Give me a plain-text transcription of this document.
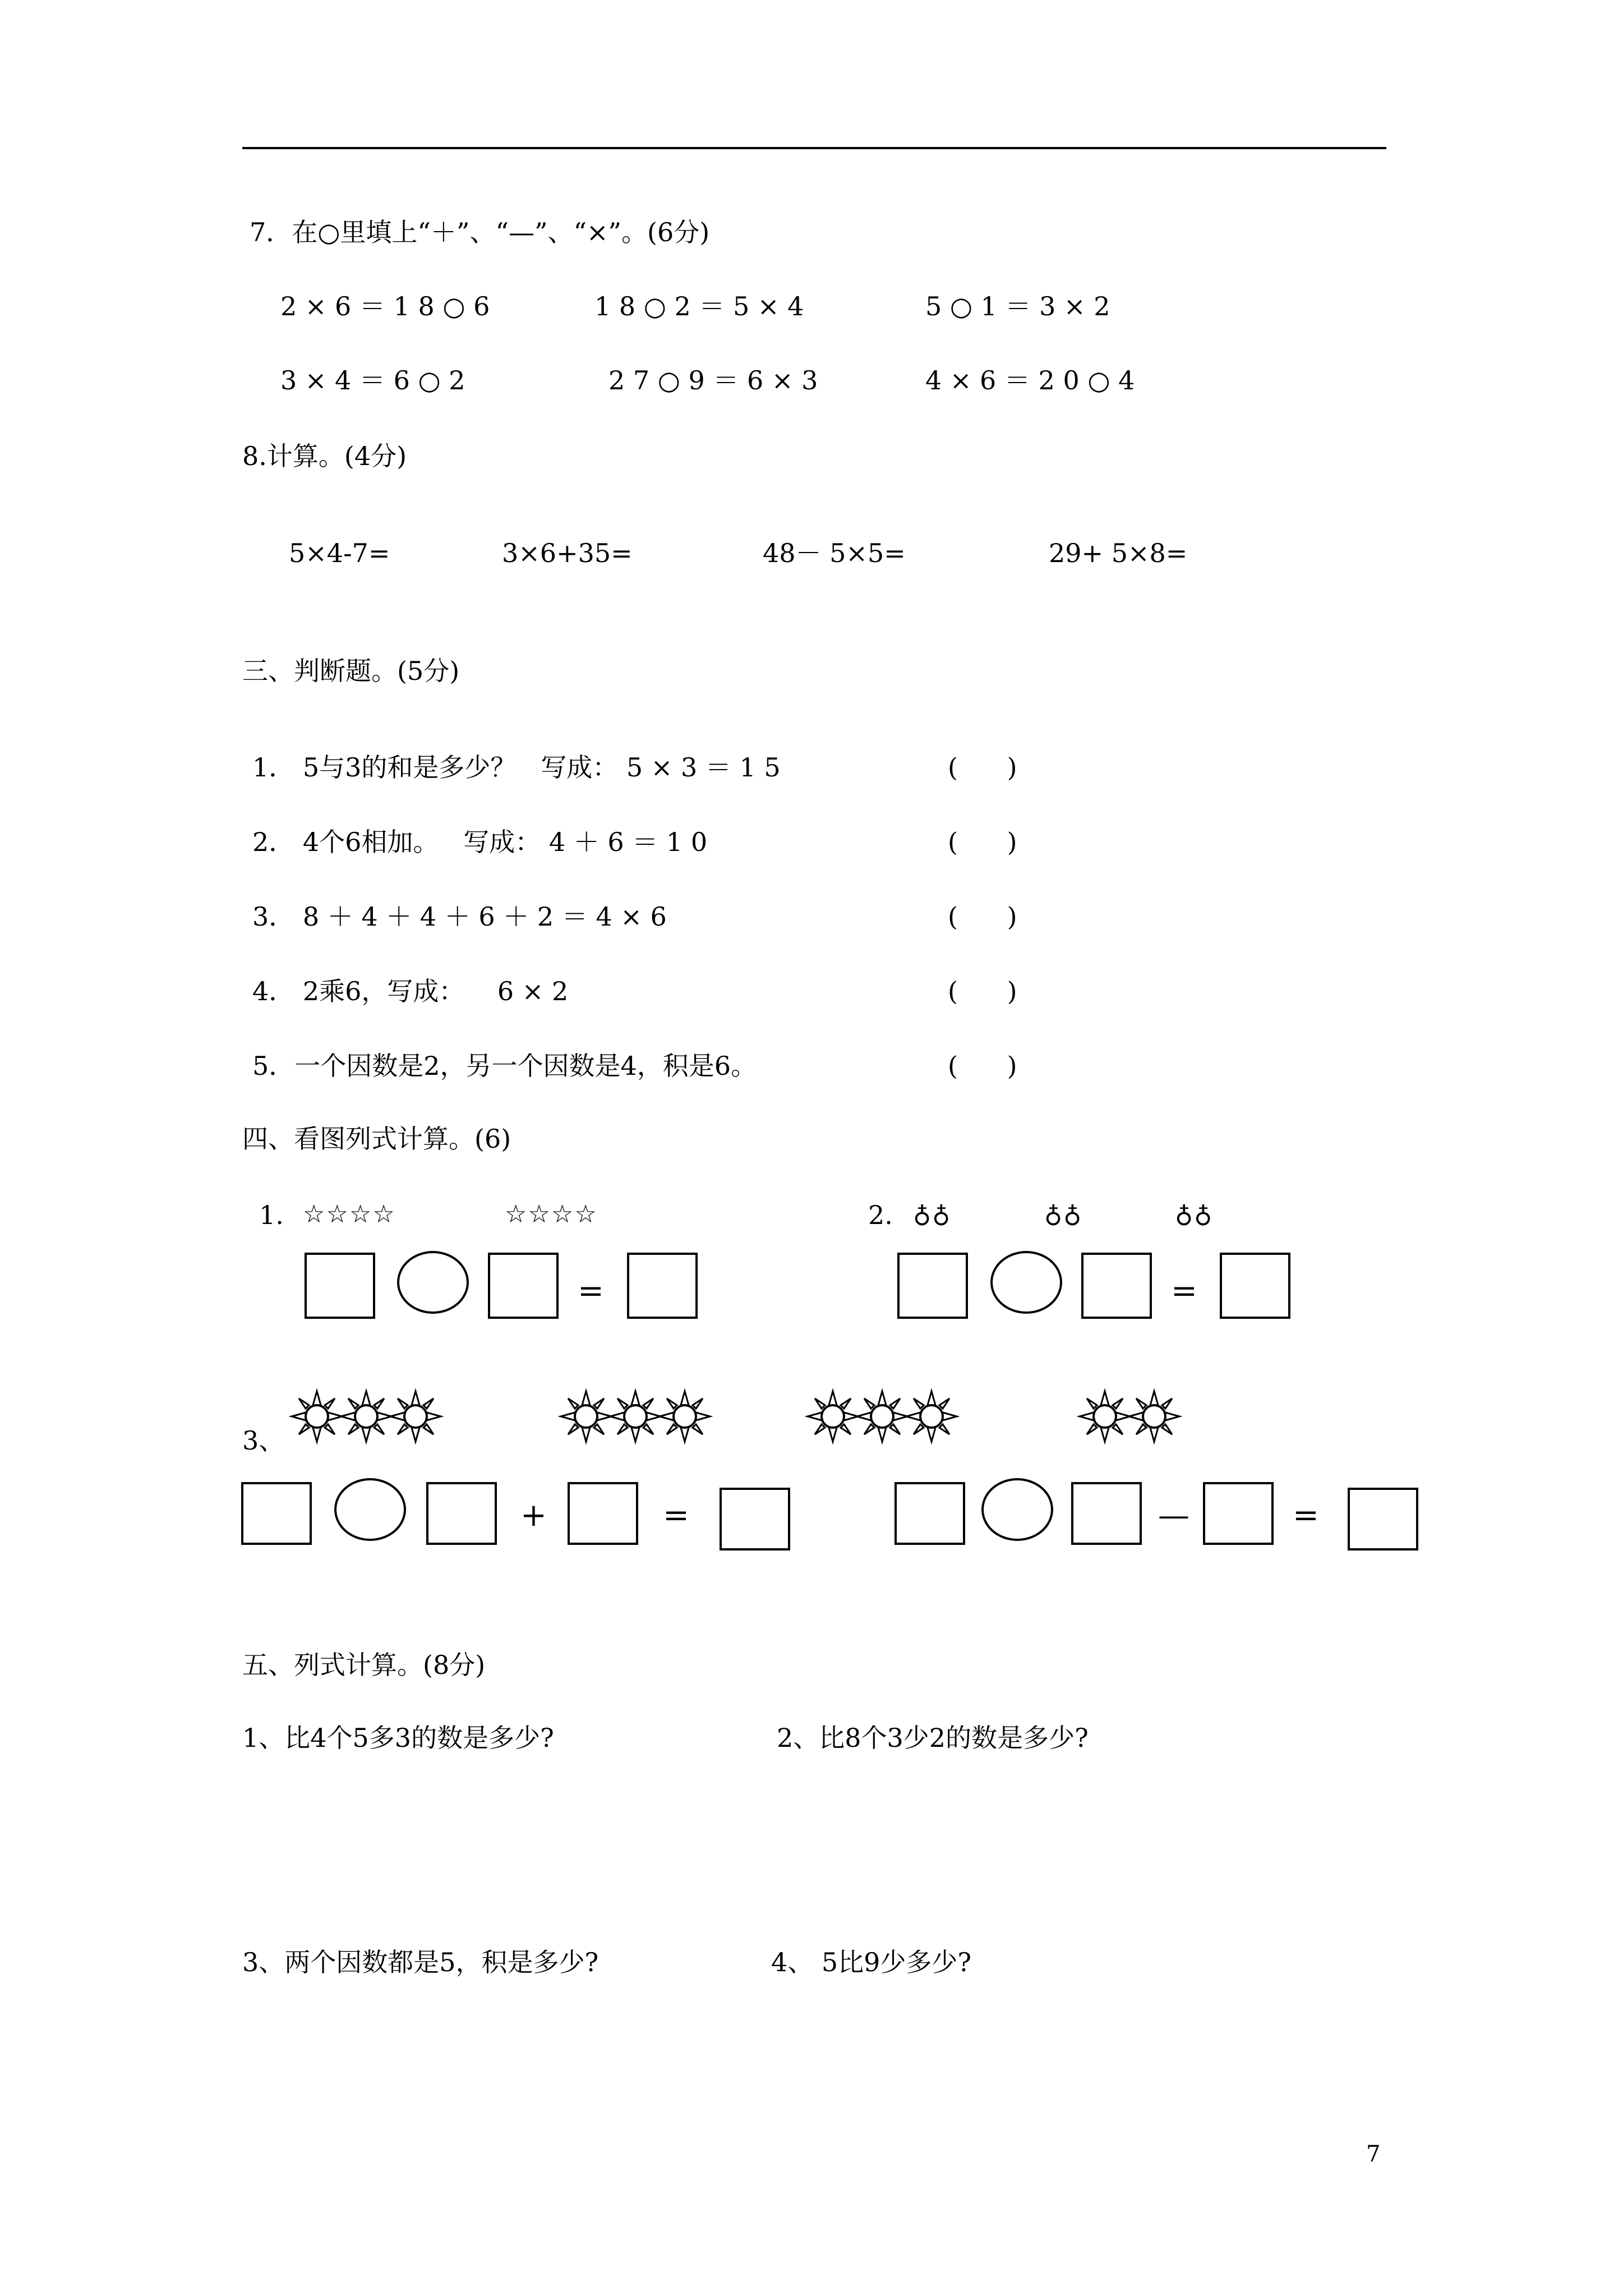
7．在○里填上“＋”、“—”、“×”。(6分)
2 × 6 ＝ 1 8 ○ 6	1 8 ○ 2 ＝ 5 × 4	5 ○ 1 ＝ 3 × 2
3 × 4 ＝ 6 ○ 2	2 7 ○ 9 ＝ 6 × 3	4 × 6 ＝ 2 0 ○ 4
8.计算。(4分)
5×4-7=	3×6+35=	48－ 5×5=	29+ 5×8=
三、判断题。(5分)
1． 5与3的和是多少？   写成： 5 × 3 ＝ 1 5	(      )
2． 4个6相加。   写成： 4 ＋ 6 ＝ 1 0	(      )
3． 8 ＋ 4 ＋ 4 ＋ 6 ＋ 2 ＝ 4 × 6	(      )
4． 2乘6，写成：    6 × 2	(      )
5．一个因数是2，另一个因数是4，积是6。	(      )
四、看图列式计算。(6)
1. ☆☆☆☆	☆☆☆☆
=
2. ♁♁	♁♁	♁♁
=
3、
+	=	—	=
五、列式计算。(8分)
1、比4个5多3的数是多少?	2、比8个3少2的数是多少?
3、两个因数都是5，积是多少?	4、 5比9少多少?
7
